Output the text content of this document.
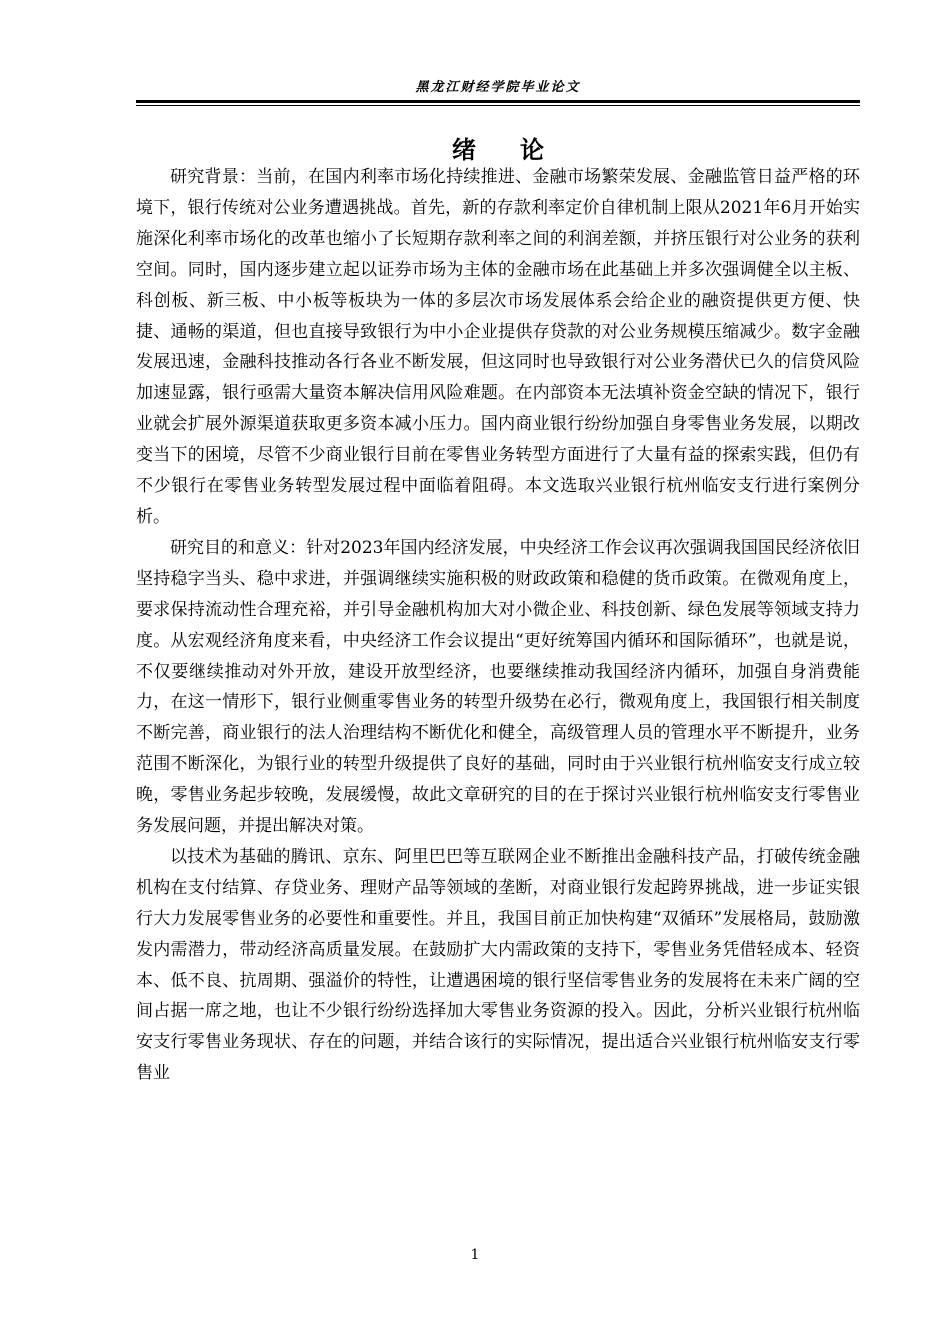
黑龙江财经学院毕业论文
绪 论

研究背景：当前，在国内利率市场化持续推进、金融市场繁荣发展、金融监管日益严格的环境下，银行传统对公业务遭遇挑战。首先，新的存款利率定价自律机制上限从2021年6月开始实施深化利率市场化的改革也缩小了长短期存款利率之间的利润差额，并挤压银行对公业务的获利空间。同时，国内逐步建立起以证券市场为主体的金融市场在此基础上并多次强调健全以主板、科创板、新三板、中小板等板块为一体的多层次市场发展体系会给企业的融资提供更方便、快捷、通畅的渠道，但也直接导致银行为中小企业提供存贷款的对公业务规模压缩减少。数字金融发展迅速，金融科技推动各行各业不断发展，但这同时也导致银行对公业务潜伏已久的信贷风险加速显露，银行亟需大量资本解决信用风险难题。在内部资本无法填补资金空缺的情况下，银行业就会扩展外源渠道获取更多资本减小压力。国内商业银行纷纷加强自身零售业务发展，以期改变当下的困境，尽管不少商业银行目前在零售业务转型方面进行了大量有益的探索实践，但仍有不少银行在零售业务转型发展过程中面临着阻碍。本文选取兴业银行杭州临安支行进行案例分析。

研究目的和意义：针对2023年国内经济发展，中央经济工作会议再次强调我国国民经济依旧坚持稳字当头、稳中求进，并强调继续实施积极的财政政策和稳健的货币政策。在微观角度上，要求保持流动性合理充裕，并引导金融机构加大对小微企业、科技创新、绿色发展等领域支持力度。从宏观经济角度来看，中央经济工作会议提出“更好统筹国内循环和国际循环”，也就是说，不仅要继续推动对外开放，建设开放型经济，也要继续推动我国经济内循环，加强自身消费能力，在这一情形下，银行业侧重零售业务的转型升级势在必行，微观角度上，我国银行相关制度不断完善，商业银行的法人治理结构不断优化和健全，高级管理人员的管理水平不断提升，业务范围不断深化，为银行业的转型升级提供了良好的基础，同时由于兴业银行杭州临安支行成立较晚，零售业务起步较晚，发展缓慢，故此文章研究的目的在于探讨兴业银行杭州临安支行零售业务发展问题，并提出解决对策。

以技术为基础的腾讯、京东、阿里巴巴等互联网企业不断推出金融科技产品，打破传统金融机构在支付结算、存贷业务、理财产品等领域的垄断，对商业银行发起跨界挑战，进一步证实银行大力发展零售业务的必要性和重要性。并且，我国目前正加快构建“双循环”发展格局，鼓励激发内需潜力，带动经济高质量发展。在鼓励扩大内需政策的支持下，零售业务凭借轻成本、轻资本、低不良、抗周期、强溢价的特性，让遭遇困境的银行坚信零售业务的发展将在未来广阔的空间占据一席之地，也让不少银行纷纷选择加大零售业务资源的投入。因此，分析兴业银行杭州临安支行零售业务现状、存在的问题，并结合该行的实际情况，提出适合兴业银行杭州临安支行零售业

1
